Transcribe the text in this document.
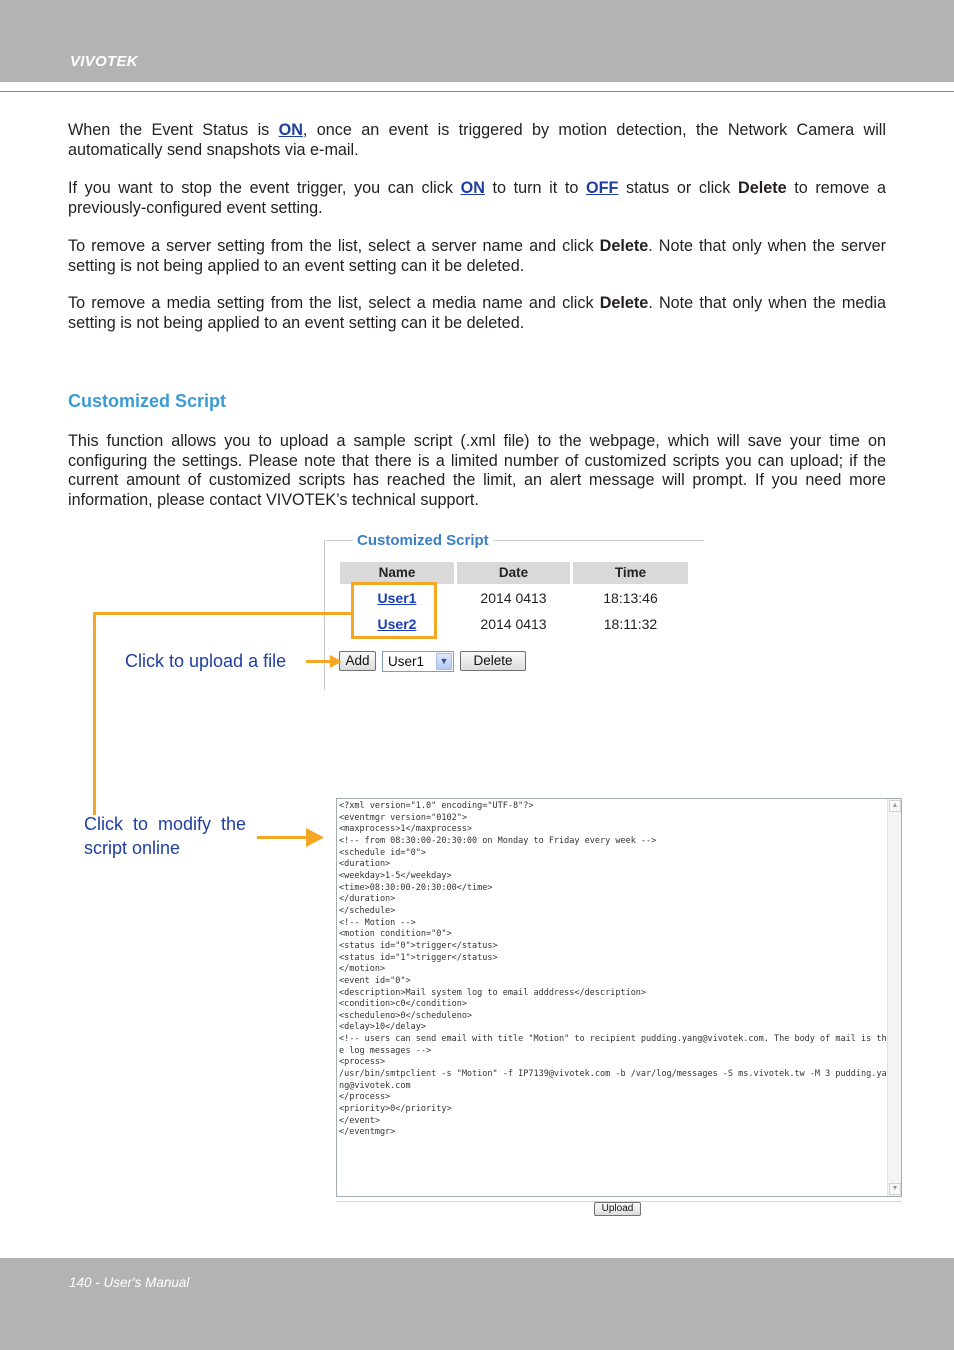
VIVOTEK

When the Event Status is ON, once an event is triggered by motion detection, the Network Camera will automatically send snapshots via e-mail.

If you want to stop the event trigger, you can click ON to turn it to OFF status or click Delete to remove a previously-configured event setting.

To remove a server setting from the list, select a server name and click Delete. Note that only when the server setting is not being applied to an event setting can it be deleted.

To remove a media setting from the list, select a media name and click Delete. Note that only when the media setting is not being applied to an event setting can it be deleted.

Customized Script

This function allows you to upload a sample script (.xml file) to the webpage, which will save your time on configuring the settings. Please note that there is a limited number of customized scripts you can upload; if the current amount of customized scripts has reached the limit, an alert message will prompt. If you need more information, please contact VIVOTEK’s technical support.

Customized Script
Name	Date	Time
User1	2014 0413	18:13:46
User2	2014 0413	18:11:32
Add	User1	▼	Delete
Click to upload a file
Click  to  modify  the
script online
<?xml version="1.0" encoding="UTF-8"?>
<eventmgr version="0102">
<maxprocess>1</maxprocess>
<!-- from 08:30:00-20:30:00 on Monday to Friday every week -->
<schedule id="0">
<duration>
<weekday>1-5</weekday>
<time>08:30:00-20:30:00</time>
</duration>
</schedule>
<!-- Motion -->
<motion condition="0">
<status id="0">trigger</status>
<status id="1">trigger</status>
</motion>
<event id="0">
<description>Mail system log to email adddress</description>
<condition>c0</condition>
<scheduleno>0</scheduleno>
<delay>10</delay>
<!-- users can send email with title "Motion" to recipient pudding.yang@vivotek.com. The body of mail is the log messages -->
<process>
/usr/bin/smtpclient -s "Motion" -f IP7139@vivotek.com -b /var/log/messages -S ms.vivotek.tw -M 3 pudding.yang@vivotek.com
</process>
<priority>0</priority>
</event>
</eventmgr>
▲
▼
Upload
140 - User's Manual
